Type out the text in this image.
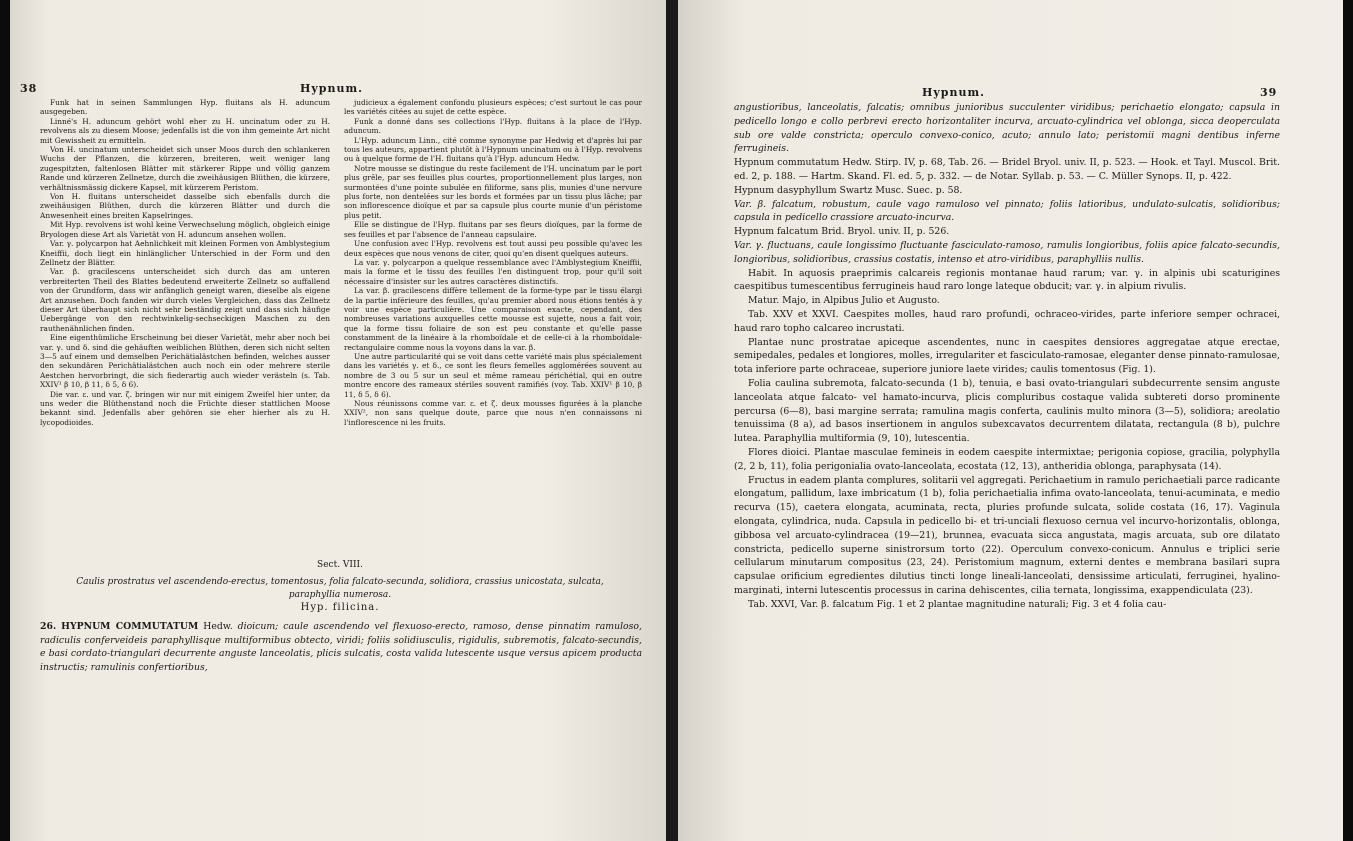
38	Hypnum.

Funk hat in seinen Sammlungen Hyp. fluitans als H. aduncum ausgegeben.

Linné's H. aduncum gehört wohl eher zu H. uncinatum oder zu H. revolvens als zu diesem Moose; jedenfalls ist die von ihm gemeinte Art nicht mit Gewissheit zu ermitteln.

Von H. uncinatum unterscheidet sich unser Moos durch den schlankeren Wuchs der Pflanzen, die kürzeren, breiteren, weit weniger lang zugespitzten, faltenlosen Blätter mit stärkerer Rippe und völlig ganzem Rande und kürzeren Zellnetze, durch die zweihäusigen Blüthen, die kürzere, verhältnissmässig dickere Kapsel, mit kürzerem Peristom.

Von H. fluitans unterscheidet dasselbe sich ebenfalls durch die zweihäusigen Blüthen, durch die kürzeren Blätter und durch die Anwesenheit eines breiten Kapselringes.

Mit Hyp. revolvens ist wohl keine Verwechselung möglich, obgleich einige Bryologen diese Art als Varietät von H. aduncum ansehen wollen.

Var. γ. polycarpon hat Aehnlichkeit mit kleinen Formen von Amblystegium Kneiffii, doch liegt ein hinlänglicher Unterschied in der Form und den Zellnetz der Blätter.

Var. β. gracilescens unterscheidet sich durch das am unteren verbreiterten Theil des Blattes bedeutend erweiterte Zellnetz so auffallend von der Grundform, dass wir anfänglich geneigt waren, dieselbe als eigene Art anzusehen. Doch fanden wir durch vieles Vergleichen, dass das Zellnetz dieser Art überhaupt sich nicht sehr beständig zeigt und dass sich häufige Uebergänge von den rechtwinkelig-sechseckigen Maschen zu den rauthenähnlichen finden.

Eine eigenthümliche Erscheinung bei dieser Varietät, mehr aber noch bei var. γ. und δ. sind die gehäuften weiblichen Blüthen, deren sich nicht selten 3—5 auf einem und demselben Perichätialästchen befinden, welches ausser den sekundären Perichätialästchen auch noch ein oder mehrere sterile Aestchen hervorbringt, die sich fiederartig auch wieder verästeln (s. Tab. XXIV¹ β 10, β 11, δ 5, δ 6).

Die var. ε. und var. ζ. bringen wir nur mit einigem Zweifel hier unter, da uns weder die Blüthenstand noch die Früchte dieser stattlichen Moose bekannt sind. Jedenfalls aber gehören sie eher hierher als zu H. lycopodioides.

judicieux a également confondu plusieurs espèces; c'est surtout le cas pour les variétés citées au sujet de cette espèce.

Funk a donné dans ses collections l'Hyp. fluitans à la place de l'Hyp. aduncum.

L'Hyp. aduncum Linn., cité comme synonyme par Hedwig et d'après lui par tous les auteurs, appartient plutôt à l'Hypnum uncinatum ou à l'Hyp. revolvens ou à quelque forme de l'H. fluitans qu'à l'Hyp. aduncum Hedw.

Notre mousse se distingue du reste facilement de l'H. uncinatum par le port plus grêle, par ses feuilles plus courtes, proportionnellement plus larges, non surmontées d'une pointe subulée en filiforme, sans plis, munies d'une nervure plus forte, non dentelées sur les bords et formées par un tissu plus lâche; par son inflorescence dioïque et par sa capsule plus courte munie d'un péristome plus petit.

Elle se distingue de l'Hyp. fluitans par ses fleurs dioïques, par la forme de ses feuilles et par l'absence de l'anneau capsulaire.

Une confusion avec l'Hyp. revolvens est tout aussi peu possible qu'avec les deux espèces que nous venons de citer, quoi qu'en disent quelques auteurs.

La var. γ. polycarpon a quelque ressemblance avec l'Amblystegium Kneiffii, mais la forme et le tissu des feuilles l'en distinguent trop, pour qu'il soit nécessaire d'insister sur les autres caractères distinctifs.

La var. β. gracilescens diffère tellement de la forme-type par le tissu élargi de la partie inférieure des feuilles, qu'au premier abord nous étions tentés à y voir une espèce particulière. Une comparaison exacte, cependant, des nombreuses variations auxquelles cette mousse est sujette, nous a fait voir, que la forme tissu foliaire de son est peu constante et qu'elle passe constamment de la linéaire à la rhomboïdale et de celle-ci à la rhomboïdale-rectangulaire comme nous la voyons dans la var. β.

Une autre particularité qui se voit dans cette variété mais plus spécialement dans les variétés γ. et δ., ce sont les fleurs femelles agglomérées souvent au nombre de 3 ou 5 sur un seul et même rameau périchétial, qui en outre montre encore des rameaux stériles souvent ramifiés (voy. Tab. XXIV¹ β 10, β 11, δ 5, δ 6).

Nous réunissons comme var. ε. et ζ. deux mousses figurées à la planche XXIV², non sans quelque doute, parce que nous n'en connaissons ni l'inflorescence ni les fruits.

Sect. VIII.
Caulis prostratus vel ascendendo-erectus, tomentosus, folia falcato-secunda, solidiora, crassius unicostata, sulcata, paraphyllia numerosa.
Hyp. filicina.
26. HYPNUM COMMUTATUM Hedw. dioicum; caule ascendendo vel flexuoso-erecto, ramoso, dense pinnatim ramuloso, radiculis conferveideis paraphyllisque multiformibus obtecto, viridi; foliis solidiusculis, rigidulis, subremotis, falcato-secundis, e basi cordato-triangulari decurrente anguste lanceolatis, plicis sulcatis, costa valida lutescente usque versus apicem producta instructis; ramulinis confertioribus,
Hypnum.	39

angustioribus, lanceolatis, falcatis; omnibus junioribus succulenter viridibus; perichaetio elongato; capsula in pedicello longo e collo perbrevi erecto horizontaliter incurva, arcuato-cylindrica vel oblonga, sicca deoperculata sub ore valde constricta; operculo convexo-conico, acuto; annulo lato; peristomii magni dentibus inferne ferrugineis.

Hypnum commutatum Hedw. Stirp. IV, p. 68, Tab. 26. — Bridel Bryol. univ. II, p. 523. — Hook. et Tayl. Muscol. Brit. ed. 2, p. 188. — Hartm. Skand. Fl. ed. 5, p. 332. — de Notar. Syllab. p. 53. — C. Müller Synops. II, p. 422.

Hypnum dasyphyllum Swartz Musc. Suec. p. 58.

Var. β. falcatum, robustum, caule vago ramuloso vel pinnato; foliis latioribus, undulato-sulcatis, solidioribus; capsula in pedicello crassiore arcuato-incurva.

Hypnum falcatum Brid. Bryol. univ. II, p. 526.

Var. γ. fluctuans, caule longissimo fluctuante fasciculato-ramoso, ramulis longioribus, foliis apice falcato-secundis, longioribus, solidioribus, crassius costatis, intenso et atro-viridibus, paraphylliis nullis.

Habit. In aquosis praeprimis calcareis regionis montanae haud rarum; var. γ. in alpinis ubi scaturigines caespitibus tumescentibus ferrugineis haud raro longe lateque obducit; var. γ. in alpium rivulis.

Matur. Majo, in Alpibus Julio et Augusto.

Tab. XXV et XXVI. Caespites molles, haud raro profundi, ochraceo-virides, parte inferiore semper ochracei, haud raro topho calcareo incrustati.

Plantae nunc prostratae apiceque ascendentes, nunc in caespites densiores aggregatae atque erectae, semipedales, pedales et longiores, molles, irregulariter et fasciculato-ramosae, eleganter dense pinnato-ramulosae, tota inferiore parte ochraceae, superiore juniore laete virides; caulis tomentosus (Fig. 1).

Folia caulina subremota, falcato-secunda (1 b), tenuia, e basi ovato-triangulari subdecurrente sensim anguste lanceolata atque falcato- vel hamato-incurva, plicis compluribus costaque valida subtereti dorso prominente percursa (6—8), basi margine serrata; ramulina magis conferta, caulinis multo minora (3—5), solidiora; areolatio tenuissima (8 a), ad basos insertionem in angulos subexcavatos decurrentem dilatata, rectangula (8 b), pulchre lutea. Paraphyllia multiformia (9, 10), lutescentia.

Flores dioici. Plantae masculae femineis in eodem caespite intermixtae; perigonia copiose, gracilia, polyphylla (2, 2 b, 11), folia perigonialia ovato-lanceolata, ecostata (12, 13), antheridia oblonga, paraphysata (14).

Fructus in eadem planta complures, solitarii vel aggregati. Perichaetium in ramulo perichaetiali parce radicante elongatum, pallidum, laxe imbricatum (1 b), folia perichaetialia infima ovato-lanceolata, tenui-acuminata, e medio recurva (15), caetera elongata, acuminata, recta, pluries profunde sulcata, solide costata (16, 17). Vaginula elongata, cylindrica, nuda. Capsula in pedicello bi- et tri-unciali flexuoso cernua vel incurvo-horizontalis, oblonga, gibbosa vel arcuato-cylindracea (19—21), brunnea, evacuata sicca angustata, magis arcuata, sub ore dilatato constricta, pedicello superne sinistrorsum torto (22). Operculum convexo-conicum. Annulus e triplici serie cellularum minutarum compositus (23, 24). Peristomium magnum, externi dentes e membrana basilari supra capsulae orificium egredientes dilutius tincti longe lineali-lanceolati, densissime articulati, ferruginei, hyalino-marginati, interni lutescentis processus in carina dehiscentes, cilia ternata, longissima, exappendiculata (23).

Tab. XXVI, Var. β. falcatum Fig. 1 et 2 plantae magnitudine naturali; Fig. 3 et 4 folia cau-
